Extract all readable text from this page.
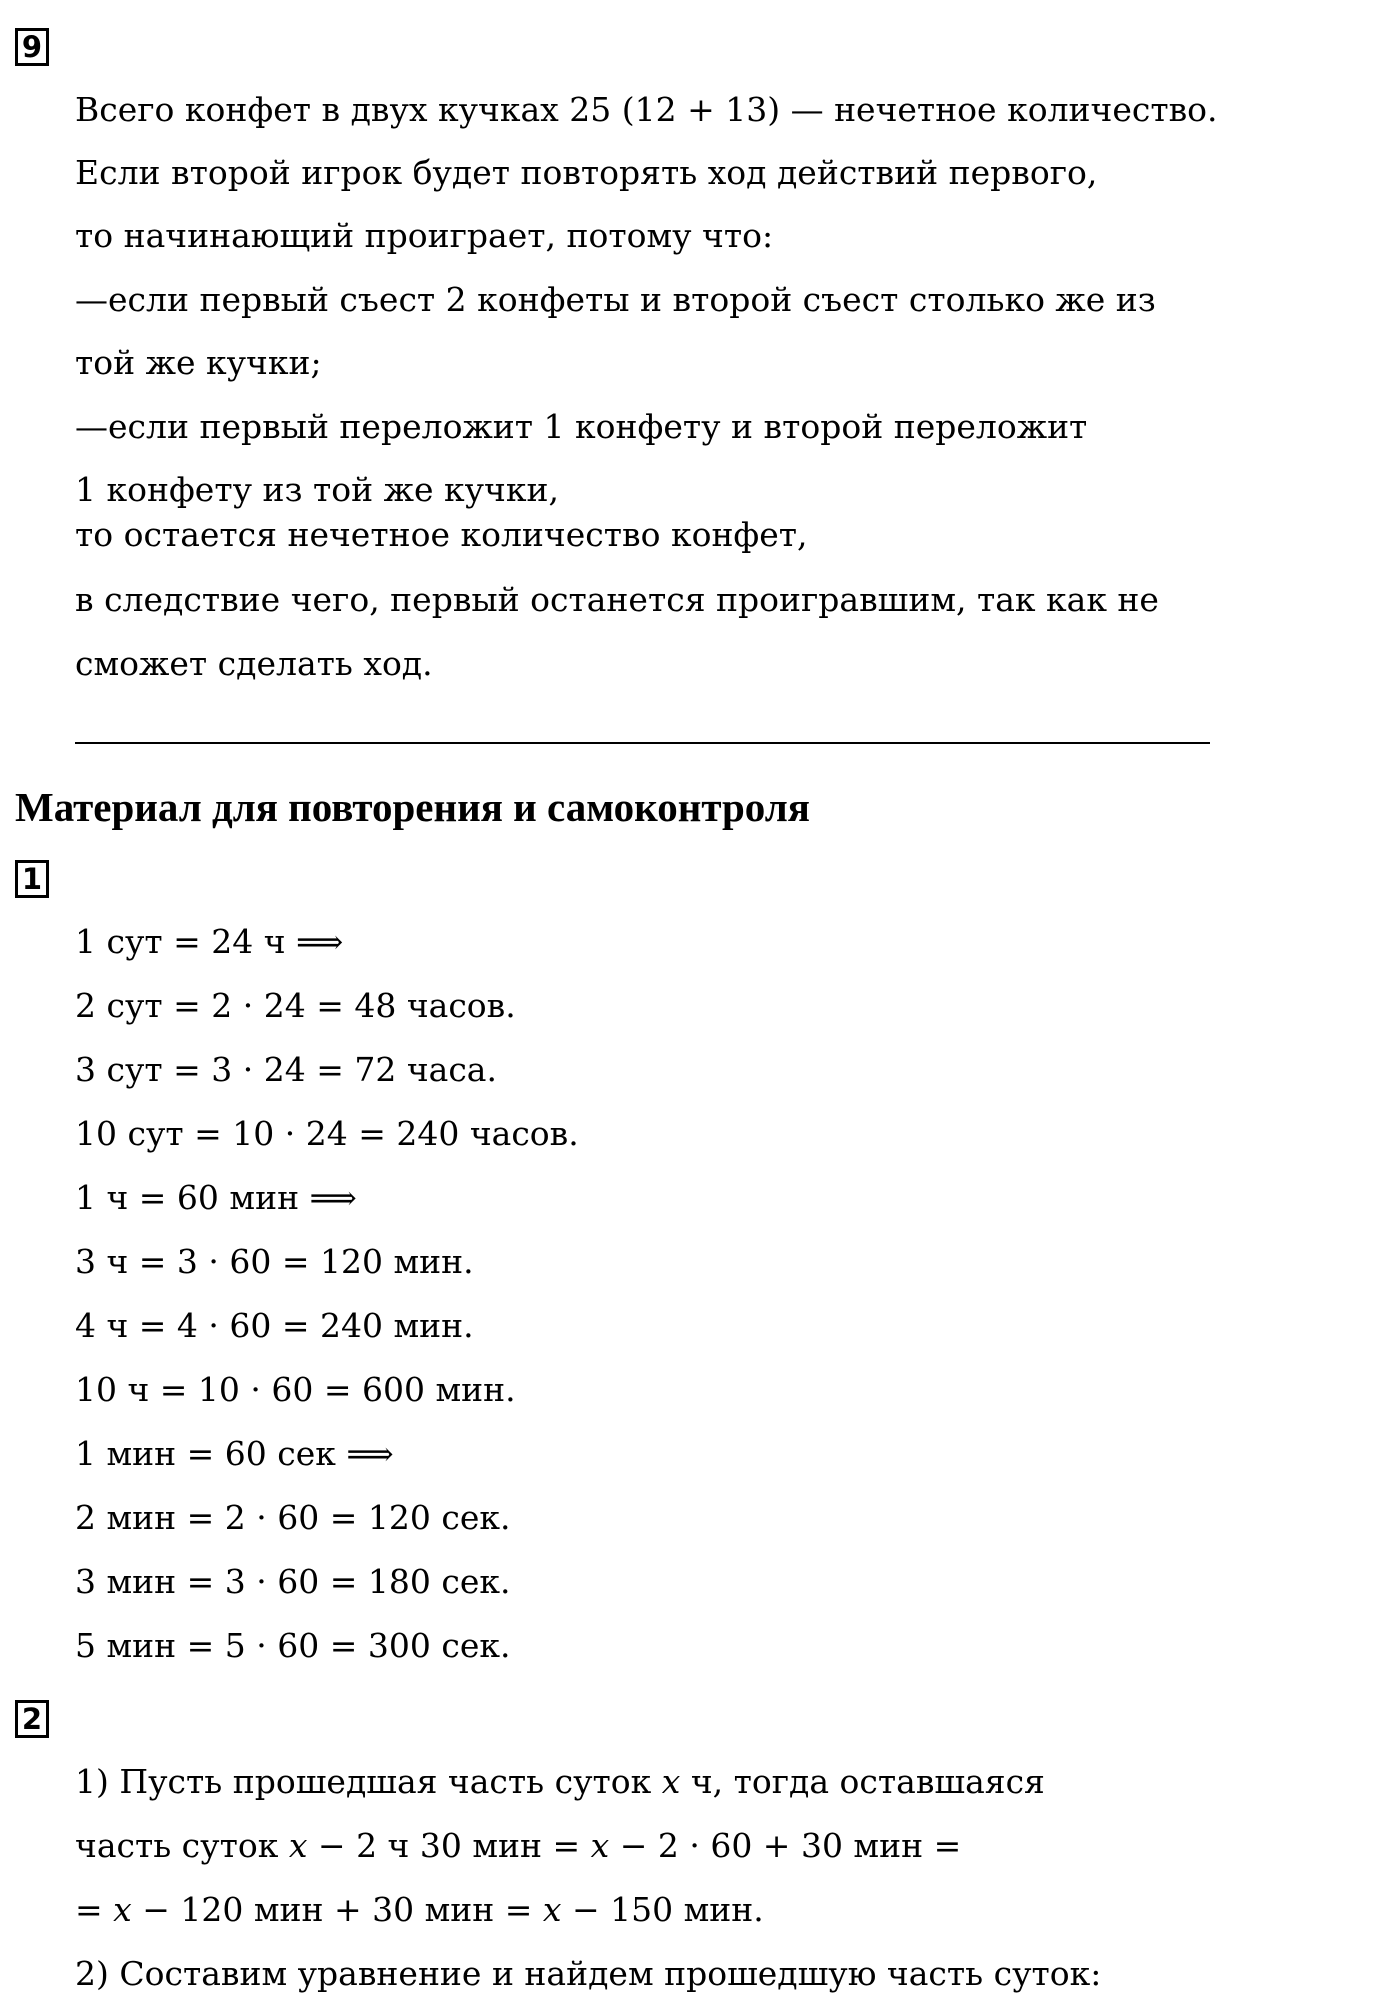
9
Всего конфет в двух кучках 25 (12 + 13) — нечетное количество.
Если второй игрок будет повторять ход действий первого,
то начинающий проиграет, потому что:
—если первый съест 2 конфеты и второй съест столько же из
той же кучки;
—если первый переложит 1 конфету и второй переложит
1 конфету из той же кучки,
то остается нечетное количество конфет,
в следствие чего, первый останется проигравшим, так как не
сможет сделать ход.
Материал для повторения и самоконтроля
1
1 сут = 24 ч ⟹
2 сут = 2 · 24 = 48 часов.
3 сут = 3 · 24 = 72 часа.
10 сут = 10 · 24 = 240 часов.
1 ч = 60 мин ⟹
3 ч = 3 · 60 = 120 мин.
4 ч = 4 · 60 = 240 мин.
10 ч = 10 · 60 = 600 мин.
1 мин = 60 сек ⟹
2 мин = 2 · 60 = 120 сек.
3 мин = 3 · 60 = 180 сек.
5 мин = 5 · 60 = 300 сек.
2
1) Пусть прошедшая часть суток 𝑥 ч, тогда оставшаяся
часть суток 𝑥 − 2 ч 30 мин = 𝑥 − 2 · 60 + 30 мин =
= 𝑥 − 120 мин + 30 мин = 𝑥 − 150 мин.
2) Составим уравнение и найдем прошедшую часть суток:
